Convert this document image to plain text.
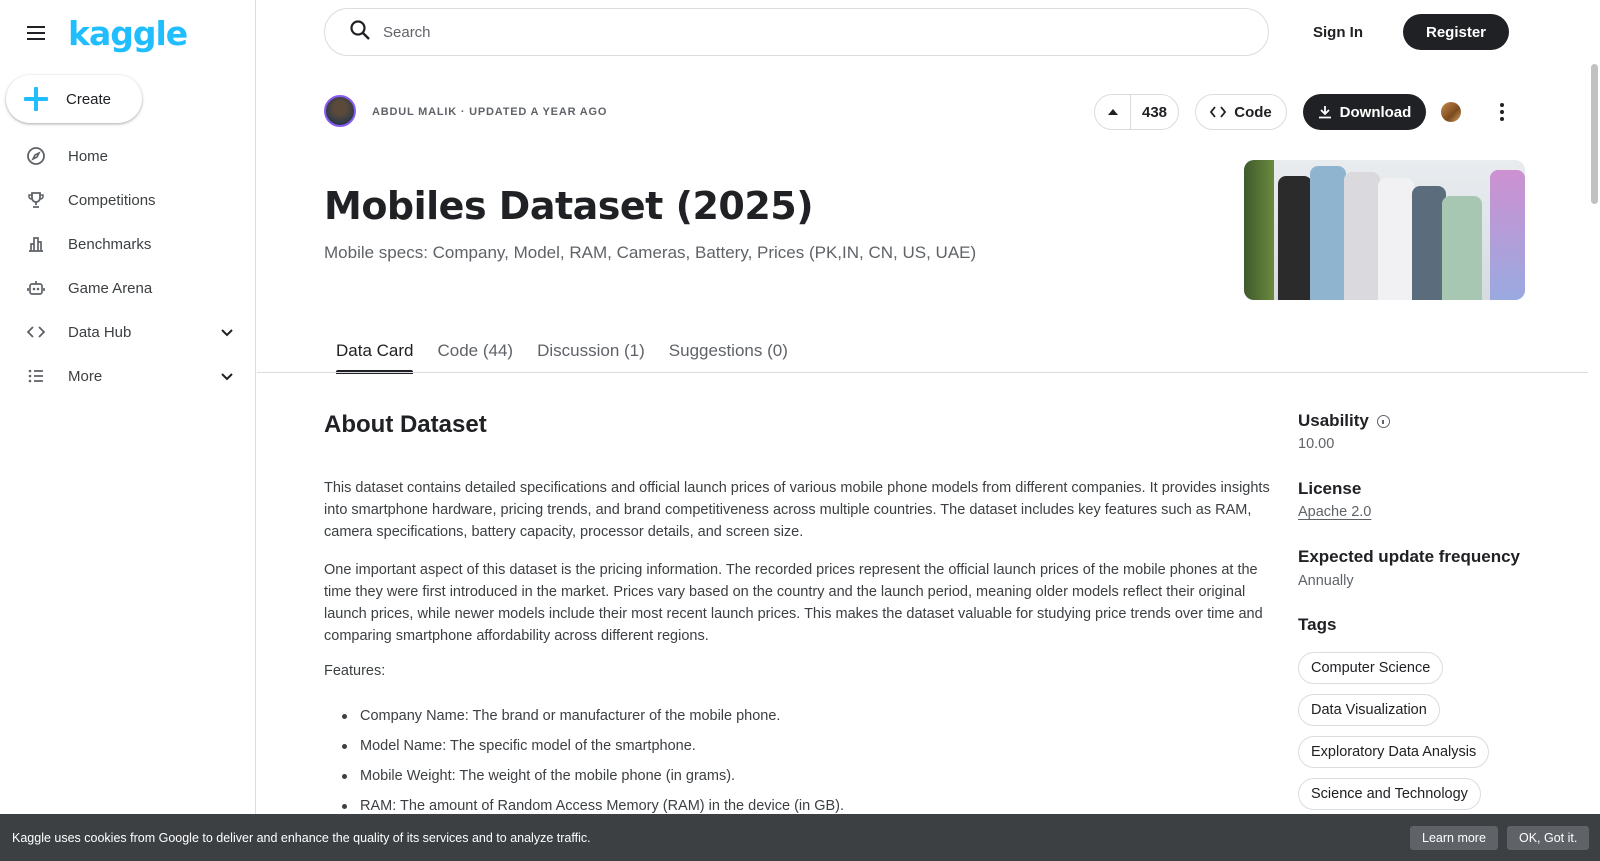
kaggle
Create
Home
Competitions
Benchmarks
Game Arena
Data Hub
More
Search	Sign In	Register
ABDUL MALIK · UPDATED A YEAR AGO	438	Code	Download
Mobiles Dataset (2025)
Mobile specs: Company, Model, RAM, Cameras, Battery, Prices (PK,IN, CN, US, UAE)
Data Card	Code (44)	Discussion (1)	Suggestions (0)
About Dataset

This dataset contains detailed specifications and official launch prices of various mobile phone models from different companies. It provides insights into smartphone hardware, pricing trends, and brand competitiveness across multiple countries. The dataset includes key features such as RAM, camera specifications, battery capacity, processor details, and screen size.

One important aspect of this dataset is the pricing information. The recorded prices represent the official launch prices of the mobile phones at the time they were first introduced in the market. Prices vary based on the country and the launch period, meaning older models reflect their original launch prices, while newer models include their most recent launch prices. This makes the dataset valuable for studying price trends over time and comparing smartphone affordability across different regions.

Features:
Company Name: The brand or manufacturer of the mobile phone.
Model Name: The specific model of the smartphone.
Mobile Weight: The weight of the mobile phone (in grams).
RAM: The amount of Random Access Memory (RAM) in the device (in GB).
Usability
10.00
License
Apache 2.0
Expected update frequency
Annually
Tags
Computer Science
Data Visualization
Exploratory Data Analysis
Science and Technology
Kaggle uses cookies from Google to deliver and enhance the quality of its services and to analyze traffic.	Learn more	OK, Got it.
